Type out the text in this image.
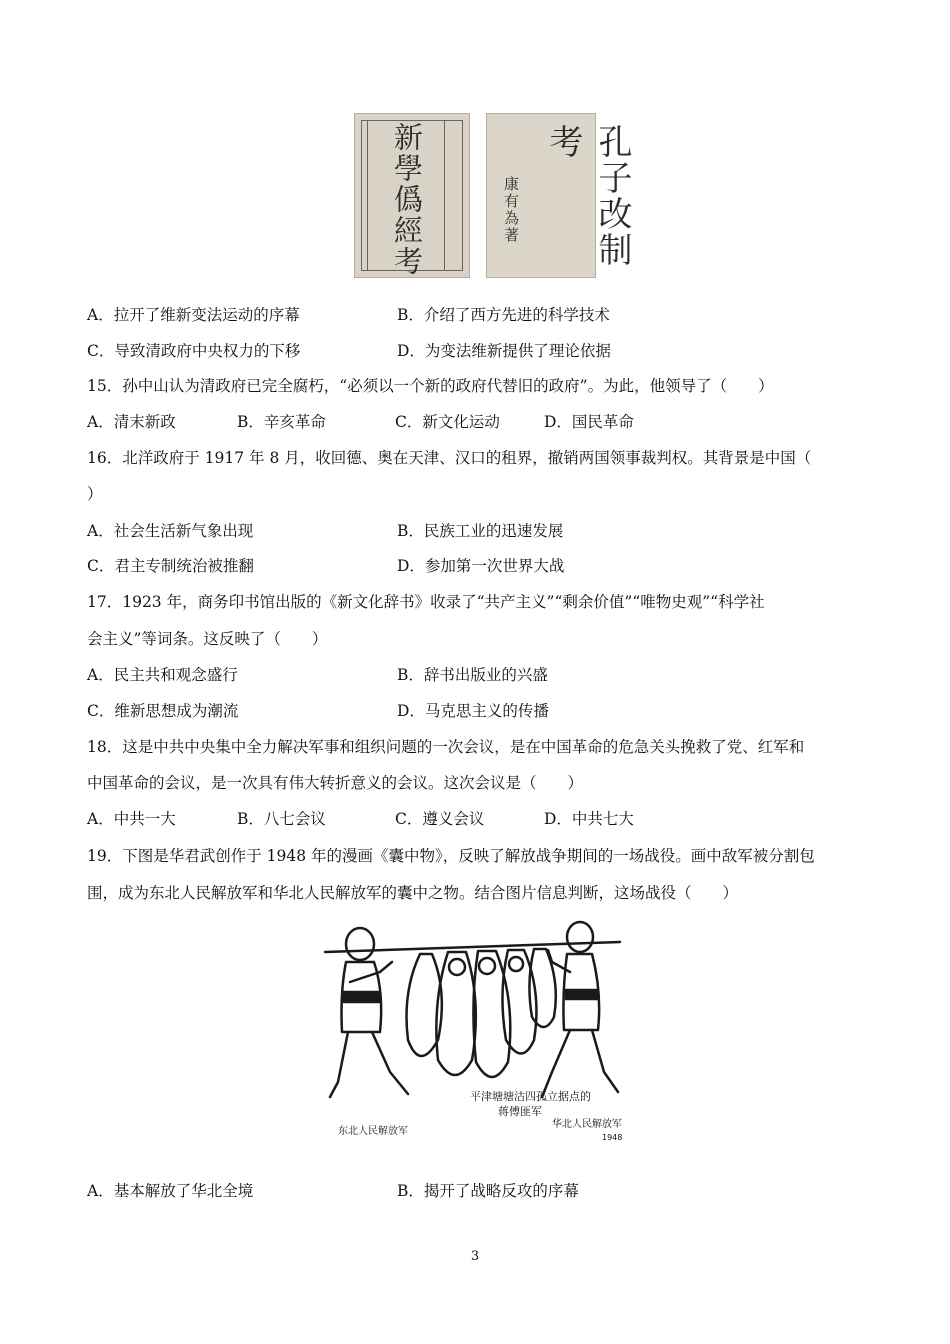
新學僞經考	孔子改制考
康有為著
A．拉开了维新变法运动的序幕	B．介绍了西方先进的科学技术
C．导致清政府中央权力的下移	D．为变法维新提供了理论依据
15．孙中山认为清政府已完全腐朽，“必须以一个新的政府代替旧的政府”。为此，他领导了（　　）
A．清末新政	B．辛亥革命	C．新文化运动	D．国民革命
16．北洋政府于 1917 年 8 月，收回德、奥在天津、汉口的租界，撤销两国领事裁判权。其背景是中国（
）
A．社会生活新气象出现	B．民族工业的迅速发展
C．君主专制统治被推翻	D．参加第一次世界大战
17．1923 年，商务印书馆出版的《新文化辞书》收录了“共产主义”“剩余价值”“唯物史观”“科学社
会主义”等词条。这反映了（　　）
A．民主共和观念盛行	B．辞书出版业的兴盛
C．维新思想成为潮流	D．马克思主义的传播
18．这是中共中央集中全力解决军事和组织问题的一次会议，是在中国革命的危急关头挽救了党、红军和
中国革命的会议，是一次具有伟大转折意义的会议。这次会议是（　　）
A．中共一大	B．八七会议	C．遵义会议	D．中共七大
19．下图是华君武创作于 1948 年的漫画《囊中物》，反映了解放战争期间的一场战役。画中敌军被分割包
围，成为东北人民解放军和华北人民解放军的囊中之物。结合图片信息判断，这场战役（　　）
平津塘塘沽四孤立据点的
蒋傅匪军
东北人民解放军
华北人民解放军
1948
A．基本解放了华北全境	B．揭开了战略反攻的序幕
3
